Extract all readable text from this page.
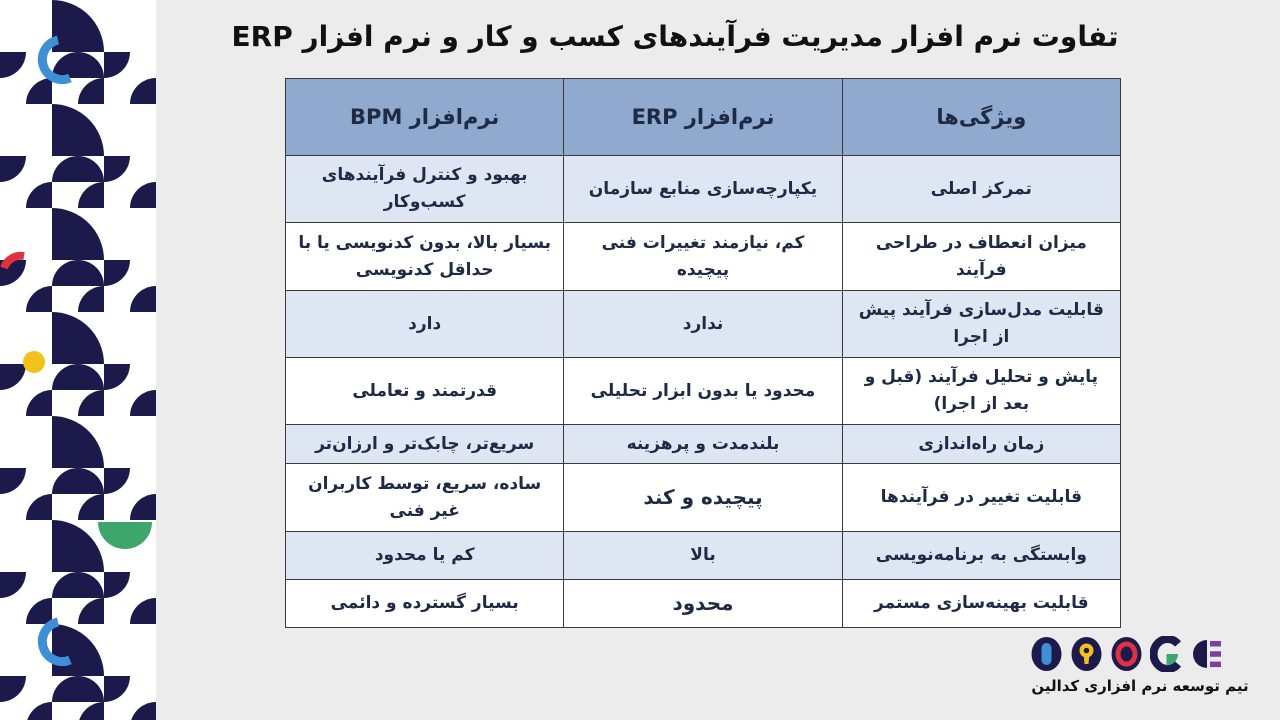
تفاوت نرم افزار مدیریت فرآیندهای کسب و کار و نرم افزار ERP
ویژگی‌ها	نرم‌افزار ERP	نرم‌افزار BPM
تمرکز اصلی	یکپارچه‌سازی منابع سازمان	بهبود و کنترل فرآیندهای کسب‌وکار
میزان انعطاف در طراحی فرآیند	کم، نیازمند تغییرات فنی پیچیده	بسیار بالا، بدون کدنویسی یا با حداقل کدنویسی
قابلیت مدل‌سازی فرآیند پیش از اجرا	ندارد	دارد
پایش و تحلیل فرآیند (قبل و بعد از اجرا)	محدود یا بدون ابزار تحلیلی	قدرتمند و تعاملی
زمان راه‌اندازی	بلندمدت و پرهزینه	سریع‌تر، چابک‌تر و ارزان‌تر
قابلیت تغییر در فرآیندها	پیچیده و کند	ساده، سریع، توسط کاربران غیر فنی
وابستگی به برنامه‌نویسی	بالا	کم یا محدود
قابلیت بهینه‌سازی مستمر	محدود	بسیار گسترده و دائمی
تیم توسعه نرم افزاری کدالین
